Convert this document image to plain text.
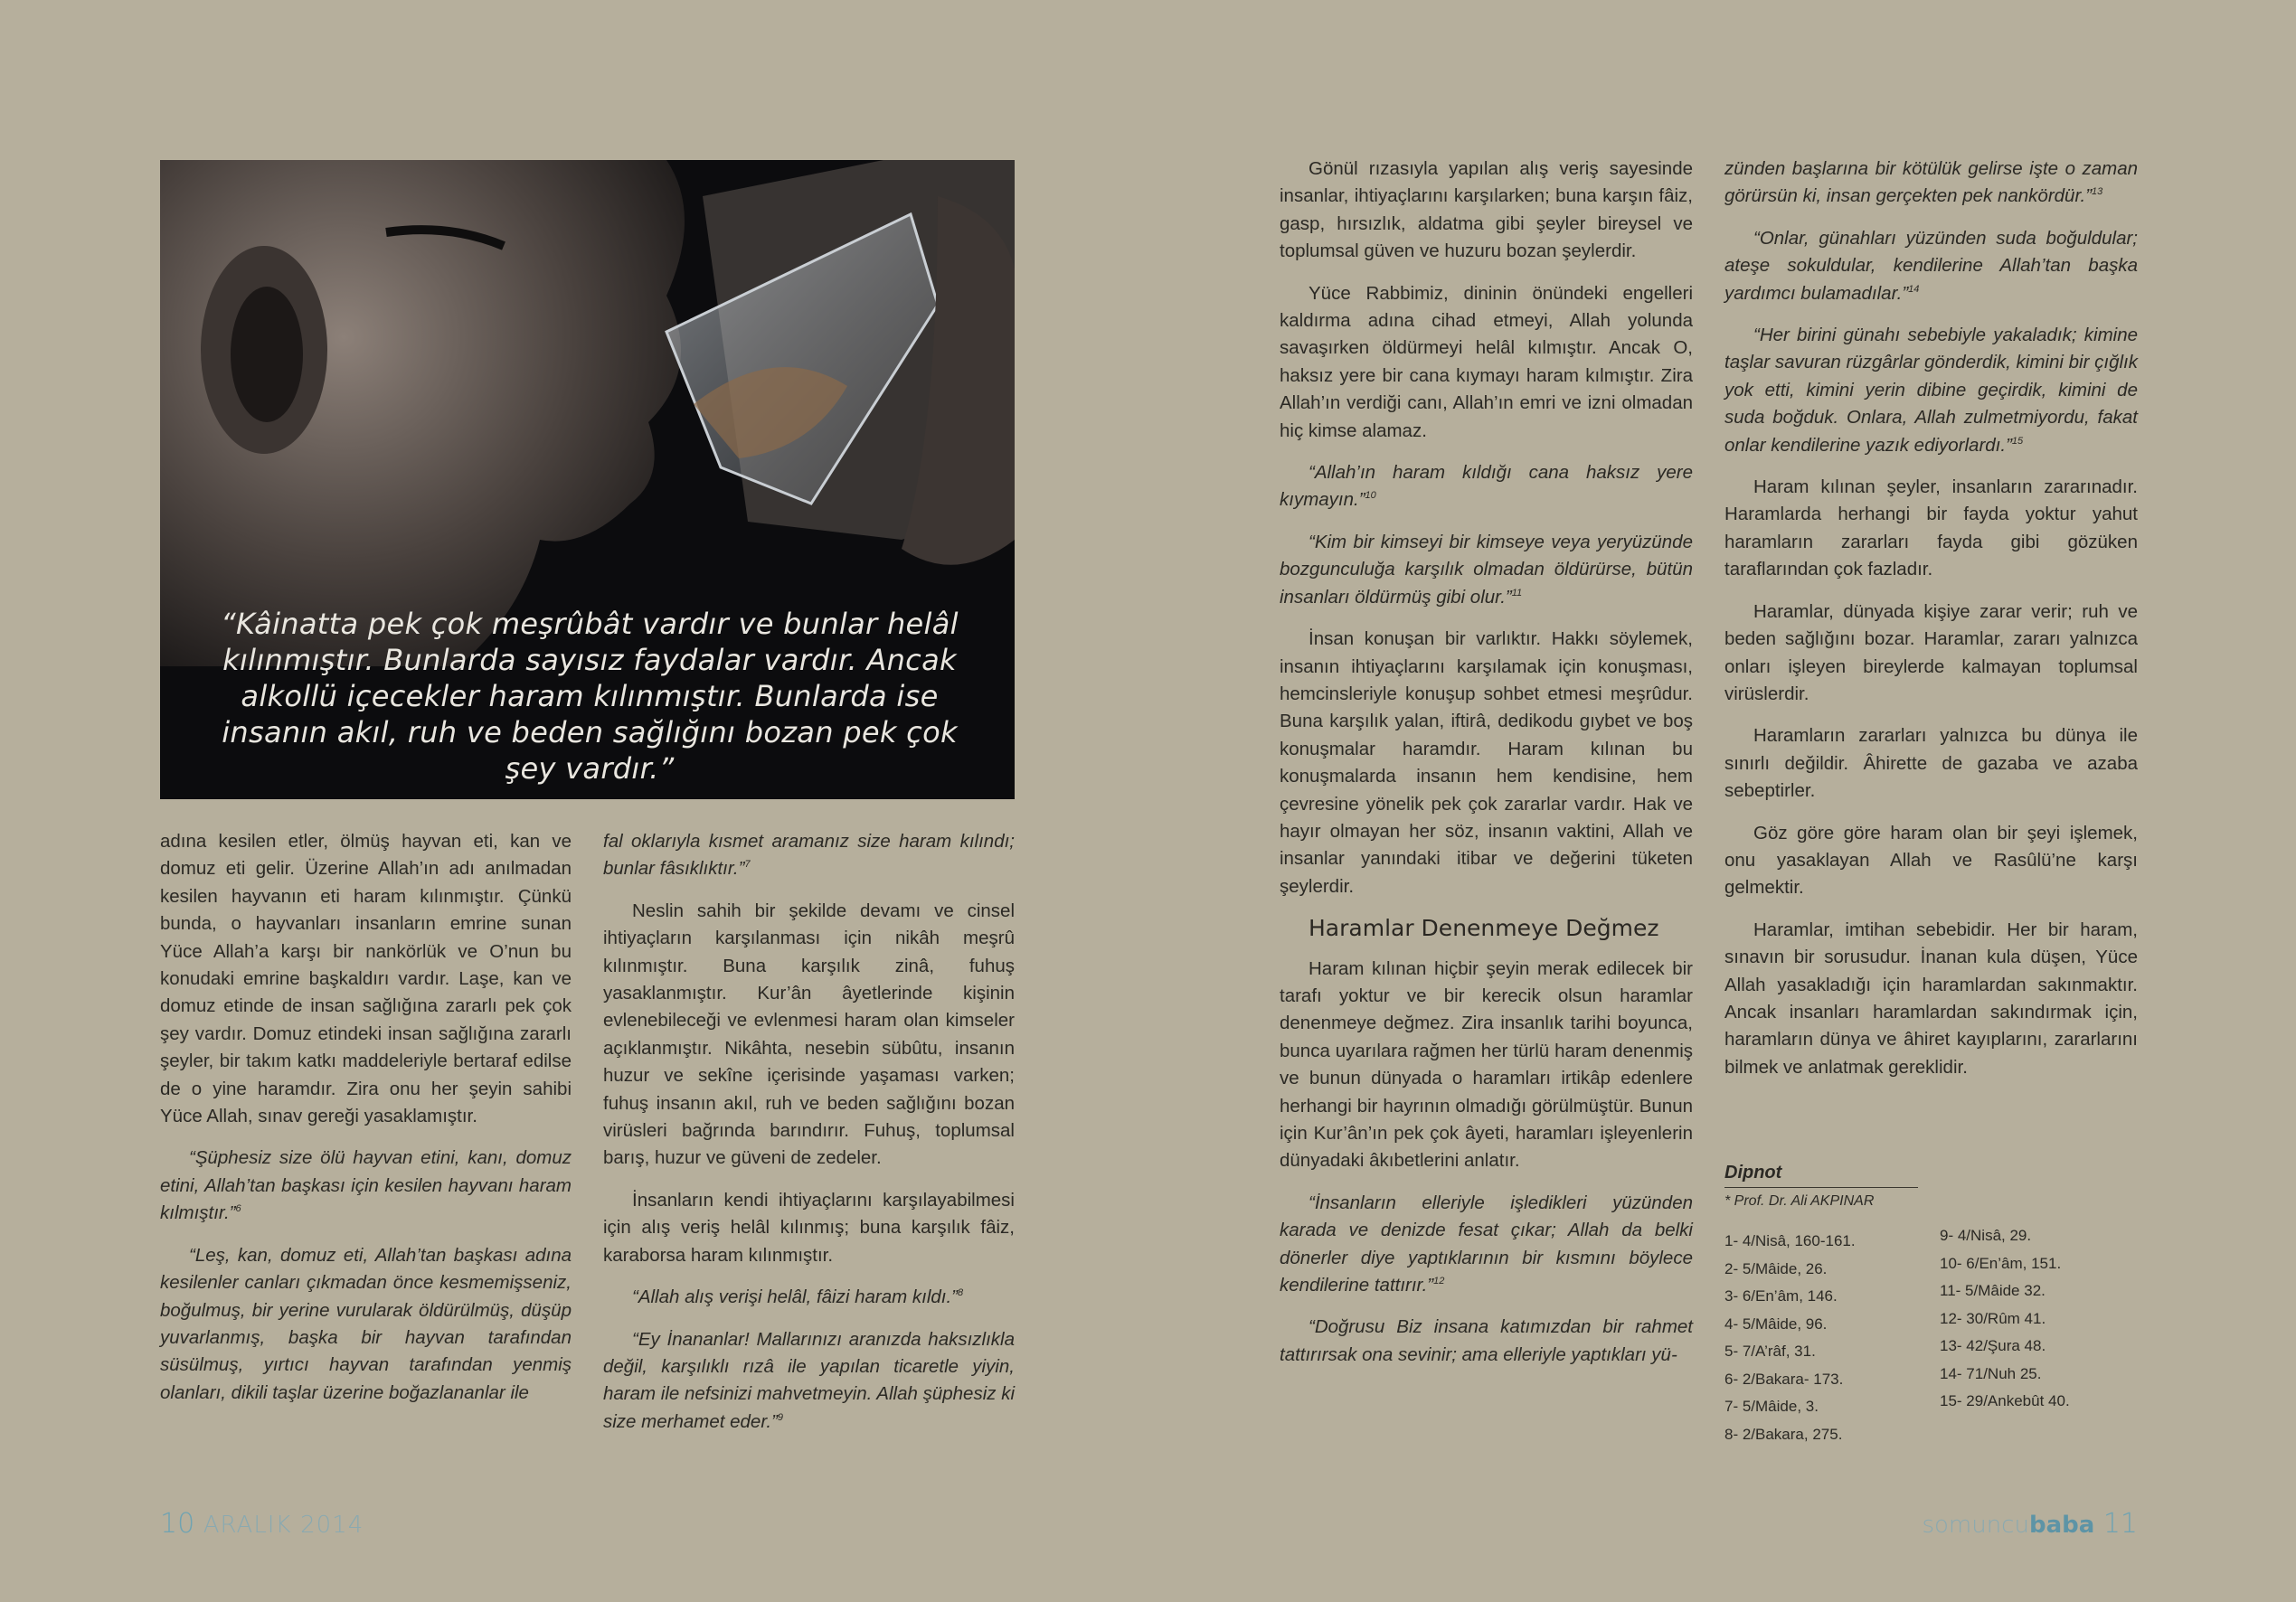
“Kâinatta pek çok meşrûbât vardır ve bunlar helâl kılınmıştır. Bunlarda sayısız faydalar vardır. Ancak alkollü içecekler haram kılınmıştır. Bunlarda ise insanın akıl, ruh ve beden sağlığını bozan pek çok şey vardır.”

adına kesilen etler, ölmüş hayvan eti, kan ve domuz eti gelir. Üzerine Allah’ın adı anılmadan kesilen hayvanın eti haram kılınmıştır. Çünkü bunda, o hayvanları insanların emrine sunan Yüce Allah’a karşı bir nankörlük ve O’nun bu konudaki emrine başkaldırı vardır. Laşe, kan ve domuz etinde de insan sağlığına zararlı pek çok şey vardır. Domuz etindeki insan sağlığına zararlı şeyler, bir takım katkı maddeleriyle bertaraf edilse de o yine haramdır. Zira onu her şeyin sahibi Yüce Allah, sınav gereği yasaklamıştır.

“Şüphesiz size ölü hayvan etini, kanı, domuz etini, Allah’tan başkası için kesilen hayvanı haram kılmıştır.”$^6$

“Leş, kan, domuz eti, Allah’tan başkası adına kesilenler canları çıkmadan önce kesmemişseniz, boğulmuş, bir yerine vurularak öldürülmüş, düşüp yuvarlanmış, başka bir hayvan tarafından süsülmuş, yırtıcı hayvan tarafından yenmiş olanları, dikili taşlar üzerine boğazlananlar ile

fal oklarıyla kısmet aramanız size haram kılındı; bunlar fâsıklıktır.”$^7$

Neslin sahih bir şekilde devamı ve cinsel ihtiyaçların karşılanması için nikâh meşrû kılınmıştır. Buna karşılık zinâ, fuhuş yasaklanmıştır. Kur’ân âyetlerinde kişinin evlenebileceği ve evlenmesi haram olan kimseler açıklanmıştır. Nikâhta, nesebin sübûtu, insanın huzur ve sekîne içerisinde yaşaması varken; fuhuş insanın akıl, ruh ve beden sağlığını bozan virüsleri bağrında barındırır. Fuhuş, toplumsal barış, huzur ve güveni de zedeler.

İnsanların kendi ihtiyaçlarını karşılayabilmesi için alış veriş helâl kılınmış; buna karşılık fâiz, karaborsa haram kılınmıştır.

“Allah alış verişi helâl, fâizi haram kıldı.”$^8$

“Ey İnananlar! Mallarınızı aranızda haksızlıkla değil, karşılıklı rızâ ile yapılan ticaretle yiyin, haram ile nefsinizi mahvetmeyin. Allah şüphesiz ki size merhamet eder.”$^9$

Gönül rızasıyla yapılan alış veriş sayesinde insanlar, ihtiyaçlarını karşılarken; buna karşın fâiz, gasp, hırsızlık, aldatma gibi şeyler bireysel ve toplumsal güven ve huzuru bozan şeylerdir.

Yüce Rabbimiz, dininin önündeki engelleri kaldırma adına cihad etmeyi, Allah yolunda savaşırken öldürmeyi helâl kılmıştır. Ancak O, haksız yere bir cana kıymayı haram kılmıştır. Zira Allah’ın verdiği canı, Allah’ın emri ve izni olmadan hiç kimse alamaz.

“Allah’ın haram kıldığı cana haksız yere kıymayın.”$^{10}$

“Kim bir kimseyi bir kimseye veya yeryüzünde bozgunculuğa karşılık olmadan öldürürse, bütün insanları öldürmüş gibi olur.”$^{11}$

İnsan konuşan bir varlıktır. Hakkı söylemek, insanın ihtiyaçlarını karşılamak için konuşması, hemcinsleriyle konuşup sohbet etmesi meşrûdur. Buna karşılık yalan, iftirâ, dedikodu gıybet ve boş konuşmalar haramdır. Haram kılınan bu konuşmalarda insanın hem kendisine, hem çevresine yönelik pek çok zararlar vardır. Hak ve hayır olmayan her söz, insanın vaktini, Allah ve insanlar yanındaki itibar ve değerini tüketen şeylerdir.

Haramlar Denenmeye Değmez

Haram kılınan hiçbir şeyin merak edilecek bir tarafı yoktur ve bir kerecik olsun haramlar denenmeye değmez. Zira insanlık tarihi boyunca, bunca uyarılara rağmen her türlü haram denenmiş ve bunun dünyada o haramları irtikâp edenlere herhangi bir hayrının olmadığı görülmüştür. Bunun için Kur’ân’ın pek çok âyeti, haramları işleyenlerin dünyadaki âkıbetlerini anlatır.

“İnsanların elleriyle işledikleri yüzünden karada ve denizde fesat çıkar; Allah da belki dönerler diye yaptıklarının bir kısmını böylece kendilerine tattırır.”$^{12}$

“Doğrusu Biz insana katımızdan bir rahmet tattırırsak ona sevinir; ama elleriyle yaptıkları yü-

zünden başlarına bir kötülük gelirse işte o zaman görürsün ki, insan gerçekten pek nankördür.”$^{13}$

“Onlar, günahları yüzünden suda boğuldular; ateşe sokuldular, kendilerine Allah’tan başka yardımcı bulamadılar.”$^{14}$

“Her birini günahı sebebiyle yakaladık; kimine taşlar savuran rüzgârlar gönderdik, kimini bir çığlık yok etti, kimini yerin dibine geçirdik, kimini de suda boğduk. Onlara, Allah zulmetmiyordu, fakat onlar kendilerine yazık ediyorlardı.”$^{15}$

Haram kılınan şeyler, insanların zararınadır. Haramlarda herhangi bir fayda yoktur yahut haramların zararları fayda gibi gözüken taraflarından çok fazladır.

Haramlar, dünyada kişiye zarar verir; ruh ve beden sağlığını bozar. Haramlar, zararı yalnızca onları işleyen bireylerde kalmayan toplumsal virüslerdir.

Haramların zararları yalnızca bu dünya ile sınırlı değildir. Âhirette de gazaba ve azaba sebeptirler.

Göz göre göre haram olan bir şeyi işlemek, onu yasaklayan Allah ve Rasûlü’ne karşı gelmektir.

Haramlar, imtihan sebebidir. Her bir haram, sınavın bir sorusudur. İnanan kula düşen, Yüce Allah yasakladığı için haramlardan sakınmaktır. Ancak insanları haramlardan sakındırmak için, haramların dünya ve âhiret kayıplarını, zararlarını bilmek ve anlatmak gereklidir.

Dipnot
* Prof. Dr. Ali AKPINAR
1- 4/Nisâ, 160-161.
2- 5/Mâide, 26.
3- 6/En’âm, 146.
4- 5/Mâide, 96.
5- 7/A’râf, 31.
6- 2/Bakara- 173.
7- 5/Mâide, 3.
8- 2/Bakara, 275.
9- 4/Nisâ, 29.
10- 6/En’âm, 151.
11- 5/Mâide 32.
12- 30/Rûm 41.
13- 42/Şura 48.
14- 71/Nuh 25.
15- 29/Ankebût 40.
10 ARALIK 2014	somuncubaba 11
